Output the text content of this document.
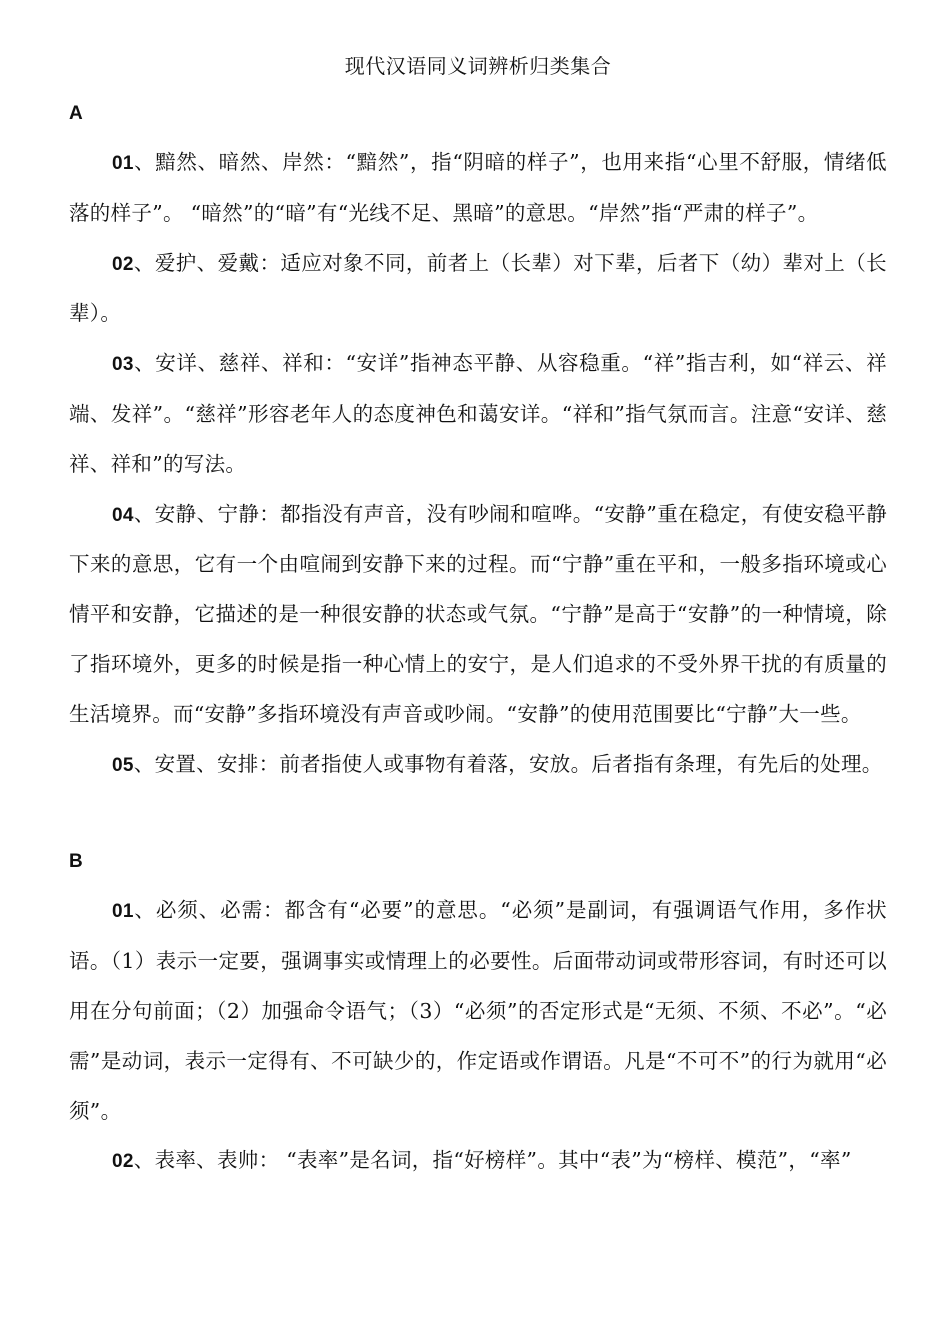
现代汉语同义词辨析归类集合
A

01、黯然、暗然、岸然：“黯然”，指“阴暗的样子”，也用来指“心里不舒服，情绪低落的样子”。 “暗然”的“暗”有“光线不足、黑暗”的意思。“岸然”指“严肃的样子”。

02、爱护、爱戴：适应对象不同，前者上（长辈）对下辈，后者下（幼）辈对上（长辈）。

03、安详、慈祥、祥和：“安详”指神态平静、从容稳重。“祥”指吉利，如“祥云、祥端、发祥”。“慈祥”形容老年人的态度神色和蔼安详。“祥和”指气氛而言。注意“安详、慈祥、祥和”的写法。

04、安静、宁静：都指没有声音，没有吵闹和喧哗。“安静”重在稳定，有使安稳平静下来的意思，它有一个由喧闹到安静下来的过程。而“宁静”重在平和，一般多指环境或心情平和安静，它描述的是一种很安静的状态或气氛。“宁静”是高于“安静”的一种情境，除了指环境外，更多的时候是指一种心情上的安宁，是人们追求的不受外界干扰的有质量的生活境界。而“安静”多指环境没有声音或吵闹。“安静”的使用范围要比“宁静”大一些。

05、安置、安排：前者指使人或事物有着落，安放。后者指有条理，有先后的处理。

B

01、必须、必需：都含有“必要”的意思。“必须”是副词，有强调语气作用，多作状语。（1）表示一定要，强调事实或情理上的必要性。后面带动词或带形容词，有时还可以用在分句前面；（2）加强命令语气；（3）“必须”的否定形式是“无须、不须、不必”。“必需”是动词，表示一定得有、不可缺少的，作定语或作谓语。凡是“不可不”的行为就用“必须”。

02、表率、表帅： “表率”是名词，指“好榜样”。其中“表”为“榜样、模范”，“率”
